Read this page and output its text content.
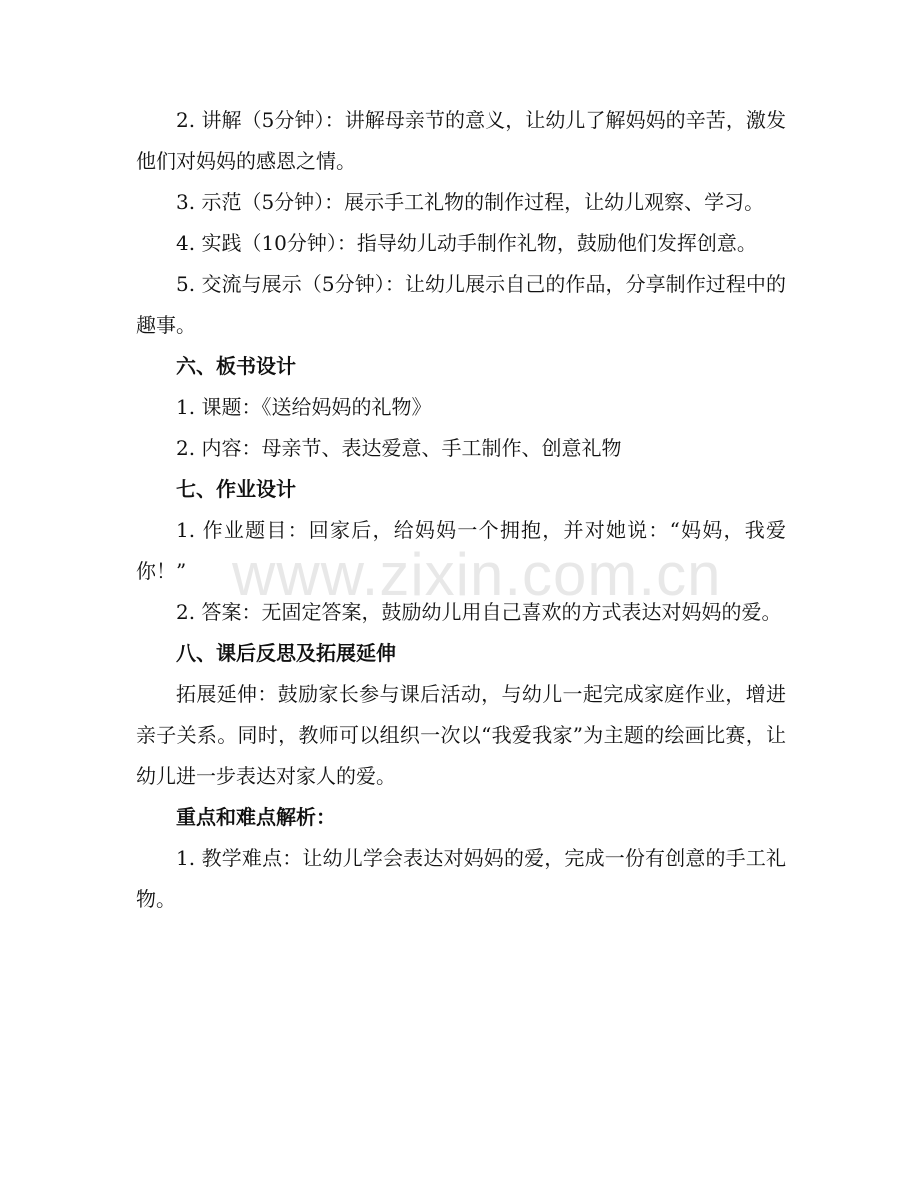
2. 讲解（5分钟）：讲解母亲节的意义，让幼儿了解妈妈的辛苦，激发他们对妈妈的感恩之情。

3. 示范（5分钟）：展示手工礼物的制作过程，让幼儿观察、学习。

4. 实践（10分钟）：指导幼儿动手制作礼物，鼓励他们发挥创意。

5. 交流与展示（5分钟）：让幼儿展示自己的作品，分享制作过程中的趣事。

六、板书设计

1. 课题：《送给妈妈的礼物》

2. 内容：母亲节、表达爱意、手工制作、创意礼物

七、作业设计

1. 作业题目：回家后，给妈妈一个拥抱，并对她说：“妈妈，我爱你！”

2. 答案：无固定答案，鼓励幼儿用自己喜欢的方式表达对妈妈的爱。

八、课后反思及拓展延伸

拓展延伸：鼓励家长参与课后活动，与幼儿一起完成家庭作业，增进亲子关系。同时，教师可以组织一次以“我爱我家”为主题的绘画比赛，让幼儿进一步表达对家人的爱。

重点和难点解析：

1. 教学难点：让幼儿学会表达对妈妈的爱，完成一份有创意的手工礼物。

www.zixin.com.cn
